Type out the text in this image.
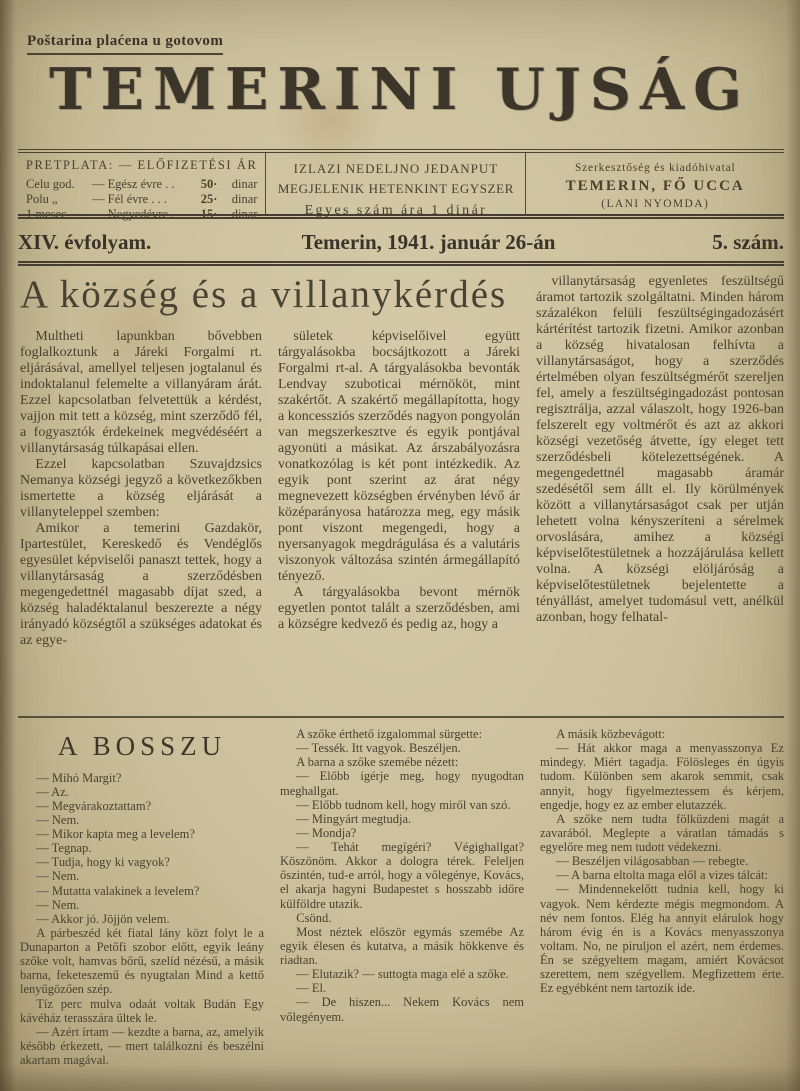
Poštarina plaćena u gotovom
TEMERINI UJSÁG
PRETPLATA: — ELŐFIZETÉSI ÁR
Celu god.	— Egész évre . .	50·	dinar
Polu „	— Fél évre . . .	25·	dinar
1 mesec	— Negyedévre .	15·	dinar
IZLAZI NEDELJNO JEDANPUT
MEGJELENIK HETENKINT EGYSZER
Egyes szám ára 1 dinár
Szerkesztőség és kiadóhivatal
TEMERIN, FŐ UCCA
(LANI NYOMDA)
XIV. évfolyam.	Temerin, 1941. január 26-án	5. szám.
A község és a villanykérdés

Multheti lapunkban bővebben foglalkoztunk a Járeki Forgalmi rt. eljárásával, amellyel teljesen jogtalanul és indoktalanul felemelte a villanyáram árát. Ezzel kapcsolatban felvetettük a kérdést, vajjon mit tett a község, mint szerződő fél, a fogyasztók érdekeinek megvédéséért a villanytársaság túlkapásai ellen.

Ezzel kapcsolatban Szuvajdzsics Nemanya községi jegyző a következőkben ismertette a község eljárását a villanyteleppel szemben:

Amikor a temerini Gazdakör, Ipartestület, Kereskedő és Vendéglős egyesület képviselői panaszt tettek, hogy a villanytársaság a szerződésben megengedettnél magasabb díjat szed, a község haladéktalanul beszerezte a négy irányadó községtől a szükséges adatokat és az egye-

sületek képviselőivel együtt tárgyalásokba bocsájtkozott a Járeki Forgalmi rt-al. A tárgyalásokba bevonták Lendvay szuboticai mérnököt, mint szakértőt. A szakértő megállapította, hogy a koncessziós szerződés nagyon pongyolán van megszerkesztve és egyik pontjával agyonüti a másikat. Az árszabályozásra vonatkozólag is két pont intézkedik. Az egyik pont szerint az árat négy megnevezett községben érvényben lévő ár középarányosa határozza meg, egy másik pont viszont megengedi, hogy a nyersanyagok megdrágulása és a valutáris viszonyok változása szintén ármegállapító tényező.

A tárgyalásokba bevont mérnök egyetlen pontot talált a szerződésben, ami a községre kedvező és pedig az, hogy a

villanytársaság egyenletes feszültségű áramot tartozik szolgáltatni. Minden három százalékon felüli feszültségingadozásért kártérítést tartozik fizetni. Amikor azonban a község hivatalosan felhívta a villanytársaságot, hogy a szerződés értelmében olyan feszültségmérőt szereljen fel, amely a feszültségingadozást pontosan regisztrálja, azzal válaszolt, hogy 1926-ban felszerelt egy voltmérőt és azt az akkori községi vezetőség átvette, így eleget tett szerződésbeli kötelezettségének. A megengedettnél magasabb áramár szedésétől sem állt el. Ily körülmények között a villanytársaságot csak per utján lehetett volna kényszeríteni a sérelmek orvoslására, amihez a községi képviselőtestületnek a hozzájárulása kellett volna. A községi elöljáróság a képviselőtestületnek bejelentette a tényállást, amelyet tudomásul vett, anélkül azonban, hogy felhatal-

A BOSSZU

— Mihó Margit?

— Az.

— Megvárakoztattam?

— Nem.

— Mikor kapta meg a levelem?

— Tegnap.

— Tudja, hogy ki vagyok?

— Nem.

— Mutatta valakinek a levelem?

— Nem.

— Akkor jó. Jöjjön velem.

A párbeszéd két fiatal lány közt folyt le a Dunaparton a Petőfi szobor előtt, egyik leány szőke volt, hamvas bőrű, szelíd nézésű, a másik barna, feketeszemű és nyugtalan Mind a kettő lenyűgözően szép.

Tíz perc mulva odaát voltak Budán Egy kávéház terasszára ültek le.

— Azért írtam — kezdte a barna, az, amelyik később érkezett, — mert találkozni és beszélni akartam magával.

A szőke érthető izgalommal sürgette:

— Tessék. Itt vagyok. Beszéljen.

A barna a szőke szemébe nézett:

— Előbb ígérje meg, hogy nyugodtan meghallgat.

— Előbb tudnom kell, hogy miről van szó.

— Mingyárt megtudja.

— Mondja?

— Tehát megígéri? Végighallgat? Köszönöm. Akkor a dologra térek. Feleljen őszintén, tud-e arról, hogy a vőlegénye, Kovács, el akarja hagyni Budapestet s hosszabb időre külföldre utazik.

Csönd.

Most néztek először egymás szemébe Az egyik élesen és kutatva, a másik hökkenve és riadtan.

— Elutazik? — suttogta maga elé a szőke.

— El.

— De hiszen... Nekem Kovács nem vőlegényem.

A másik közbevágott:

— Hát akkor maga a menyasszonya Ez mindegy. Miért tagadja. Fölösleges én úgyis tudom. Különben sem akarok semmit, csak annyit, hogy figyelmeztessem és kérjem, engedje, hogy ez az ember elutazzék.

A szőke nem tudta fölküzdeni magát a zavarából. Meglepte a váratlan támadás s egyelőre meg nem tudott védekezni.

— Beszéljen világosabban — rebegte.

— A barna eltolta maga elől a vizes tálcát:

— Mindennekelőtt tudnia kell, hogy ki vagyok. Nem kérdezte mégis megmondom. A név nem fontos. Elég ha annyit elárulok hogy három évig én is a Kovács menyasszonya voltam. No, ne piruljon el azért, nem érdemes. Én se szégyeltem magam, amiért Kovácsot szerettem, nem szégyellem. Megfizettem érte. Ez egyébként nem tartozik ide.
